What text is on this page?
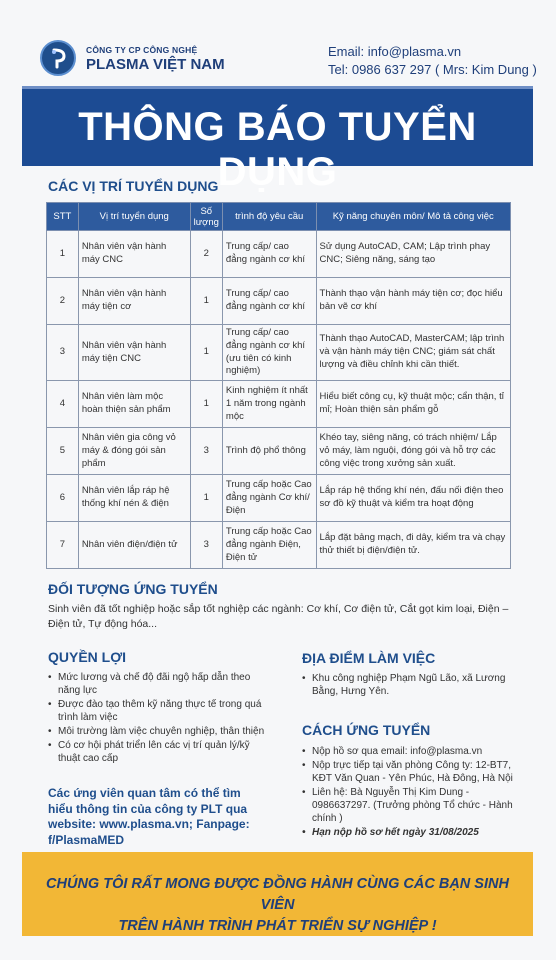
CÔNG TY CP CÔNG NGHỆ
PLASMA VIỆT NAM
Email: info@plasma.vn
Tel: 0986 637 297 ( Mrs: Kim Dung )
THÔNG BÁO TUYỂN DỤNG
CÁC VỊ TRÍ TUYỂN DỤNG
STT	Vị trí tuyển dụng	Số lượng	trình độ yêu cầu	Kỹ năng chuyên môn/ Mô tả công việc
1	Nhân viên vận hành máy CNC	2	Trung cấp/ cao đẳng ngành cơ khí	Sử dụng AutoCAD, CAM; Lập trình phay CNC; Siêng năng, sáng tạo
2	Nhân viên vận hành máy tiện cơ	1	Trung cấp/ cao đẳng ngành cơ khí	Thành thạo vận hành máy tiện cơ; đọc hiểu bản vẽ cơ khí
3	Nhân viên vận hành máy tiện CNC	1	Trung cấp/ cao đẳng ngành cơ khí (ưu tiên có kinh nghiệm)	Thành thạo AutoCAD, MasterCAM; lập trình và vận hành máy tiện CNC; giám sát chất lượng và điều chỉnh khi cần thiết.
4	Nhân viên làm mộc hoàn thiện sản phẩm	1	Kinh nghiệm ít nhất 1 năm trong ngành mộc	Hiểu biết công cụ, kỹ thuật mộc; cẩn thận, tỉ mỉ; Hoàn thiện sản phẩm gỗ
5	Nhân viên gia công vỏ máy & đóng gói sản phẩm	3	Trình độ phổ thông	Khéo tay, siêng năng, có trách nhiệm/ Lắp vỏ máy, làm nguội, đóng gói và hỗ trợ các công việc trong xưởng sản xuất.
6	Nhân viên lắp ráp hệ thống khí nén & điện	1	Trung cấp hoặc Cao đẳng ngành Cơ khí/Điện	Lắp ráp hệ thống khí nén, đấu nối điện theo sơ đồ kỹ thuật và kiểm tra hoạt động
7	Nhân viên điện/điện tử	3	Trung cấp hoặc Cao đẳng ngành Điện, Điện tử	Lắp đặt bảng mạch, đi dây, kiểm tra và chạy thử thiết bị điện/điện tử.
ĐỐI TƯỢNG ỨNG TUYỂN
Sinh viên đã tốt nghiệp hoặc sắp tốt nghiệp các ngành: Cơ khí, Cơ điện tử, Cắt gọt kim loại, Điện – Điện tử, Tự động hóa...
QUYỀN LỢI
• Mức lương và chế độ đãi ngộ hấp dẫn theo năng lực
• Được đào tạo thêm kỹ năng thực tế trong quá trình làm việc
• Môi trường làm việc chuyên nghiệp, thân thiện
• Có cơ hội phát triển lên các vị trí quản lý/kỹ thuật cao cấp
Các ứng viên quan tâm có thể tìm hiểu thông tin của công ty PLT qua website: www.plasma.vn; Fanpage: f/PlasmaMED
ĐỊA ĐIỂM LÀM VIỆC
• Khu công nghiệp Phạm Ngũ Lão, xã Lương Bằng, Hưng Yên.
CÁCH ỨNG TUYỂN
• Nộp hồ sơ qua email: info@plasma.vn
• Nộp trực tiếp tại văn phòng Công ty: 12-BT7, KĐT Văn Quan - Yên Phúc, Hà Đông, Hà Nội
• Liên hệ: Bà Nguyễn Thị Kim Dung - 0986637297. (Trưởng phòng Tổ chức - Hành chính )
• Hạn nộp hồ sơ hết ngày 31/08/2025
CHÚNG TÔI RẤT MONG ĐƯỢC ĐỒNG HÀNH CÙNG CÁC BẠN SINH VIÊN
TRÊN HÀNH TRÌNH PHÁT TRIỂN SỰ NGHIỆP !
